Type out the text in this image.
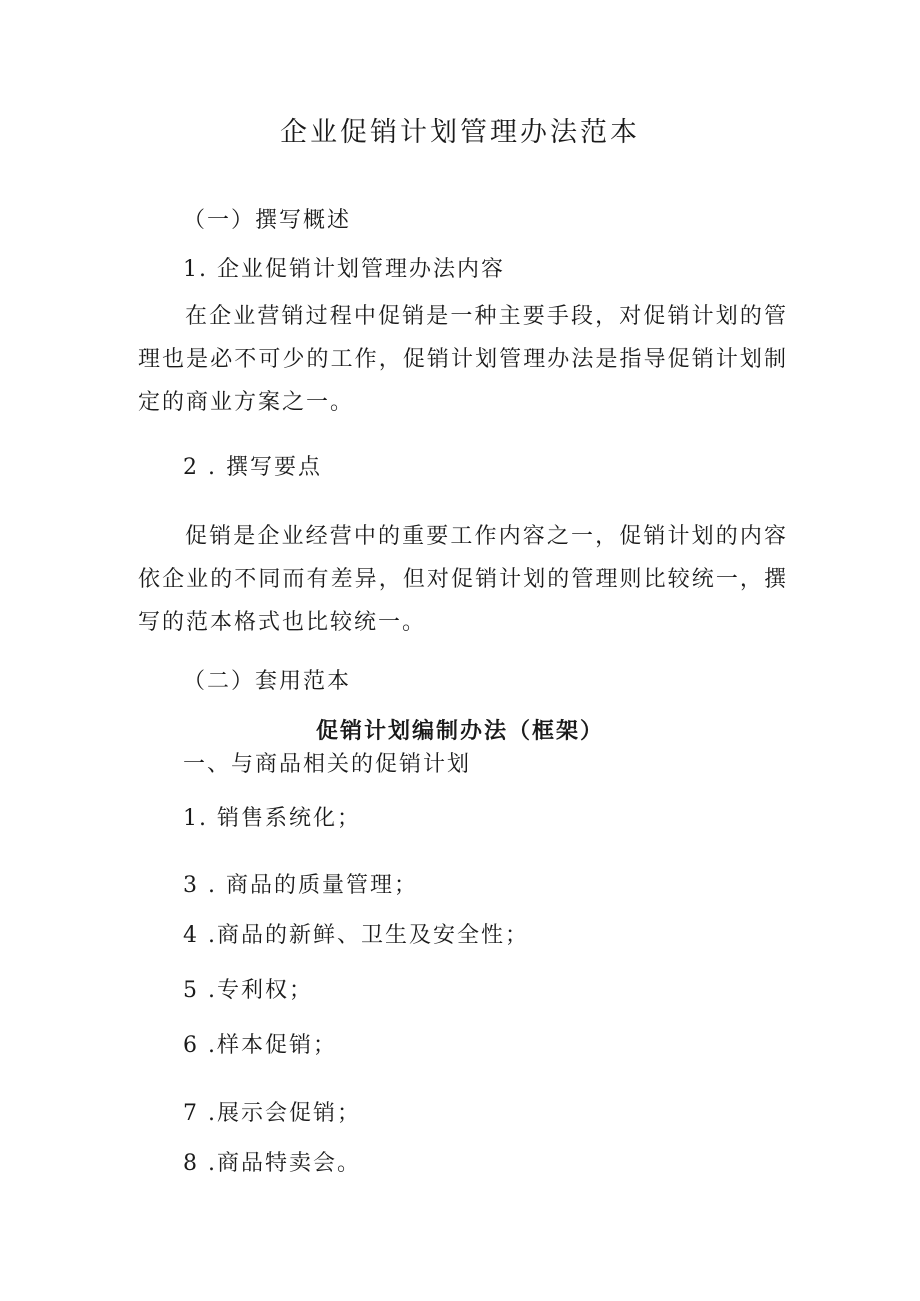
企业促销计划管理办法范本
（一）撰写概述
1. 企业促销计划管理办法内容
在企业营销过程中促销是一种主要手段，对促销计划的管理也是必不可少的工作，促销计划管理办法是指导促销计划制定的商业方案之一。
2 . 撰写要点
促销是企业经营中的重要工作内容之一，促销计划的内容依企业的不同而有差异，但对促销计划的管理则比较统一，撰写的范本格式也比较统一。
（二）套用范本
促销计划编制办法（框架）
一、与商品相关的促销计划
1. 销售系统化；
3 . 商品的质量管理；
4 .商品的新鲜、卫生及安全性；
5 .专利权；
6 .样本促销；
7 .展示会促销；
8 .商品特卖会。
